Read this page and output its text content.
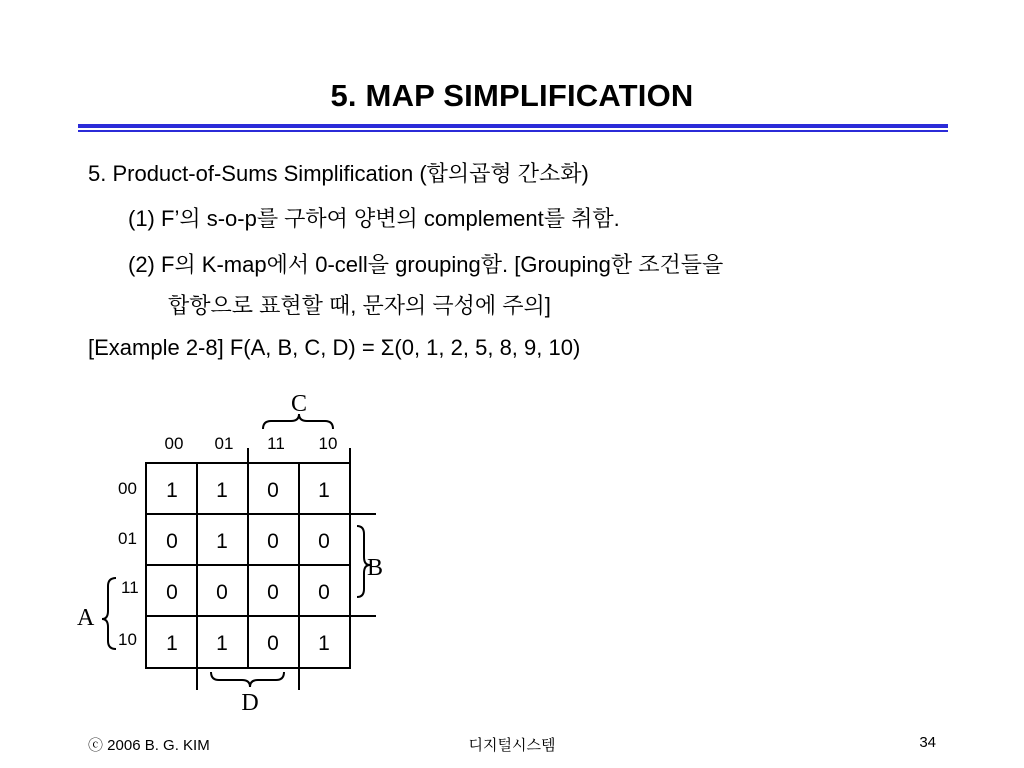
5. MAP SIMPLIFICATION
5. Product-of-Sums Simplification (합의곱형 간소화)
(1) F’의 s-o-p를 구하여 양변의 complement를 취함.
(2) F의 K-map에서 0-cell을 grouping함. [Grouping한 조건들을
합항으로 표현할 때, 문자의 극성에 주의]
[Example 2-8] F(A, B, C, D) = Σ(0, 1, 2, 5, 8, 9, 10)
00 01 11 10
00
01
11
10
1 1 0 1
0 1 0 0
0 0 0 0
1 1 0 1
C
B
A
D
ⓒ 2006 B. G. KIM	디지털시스템	34
